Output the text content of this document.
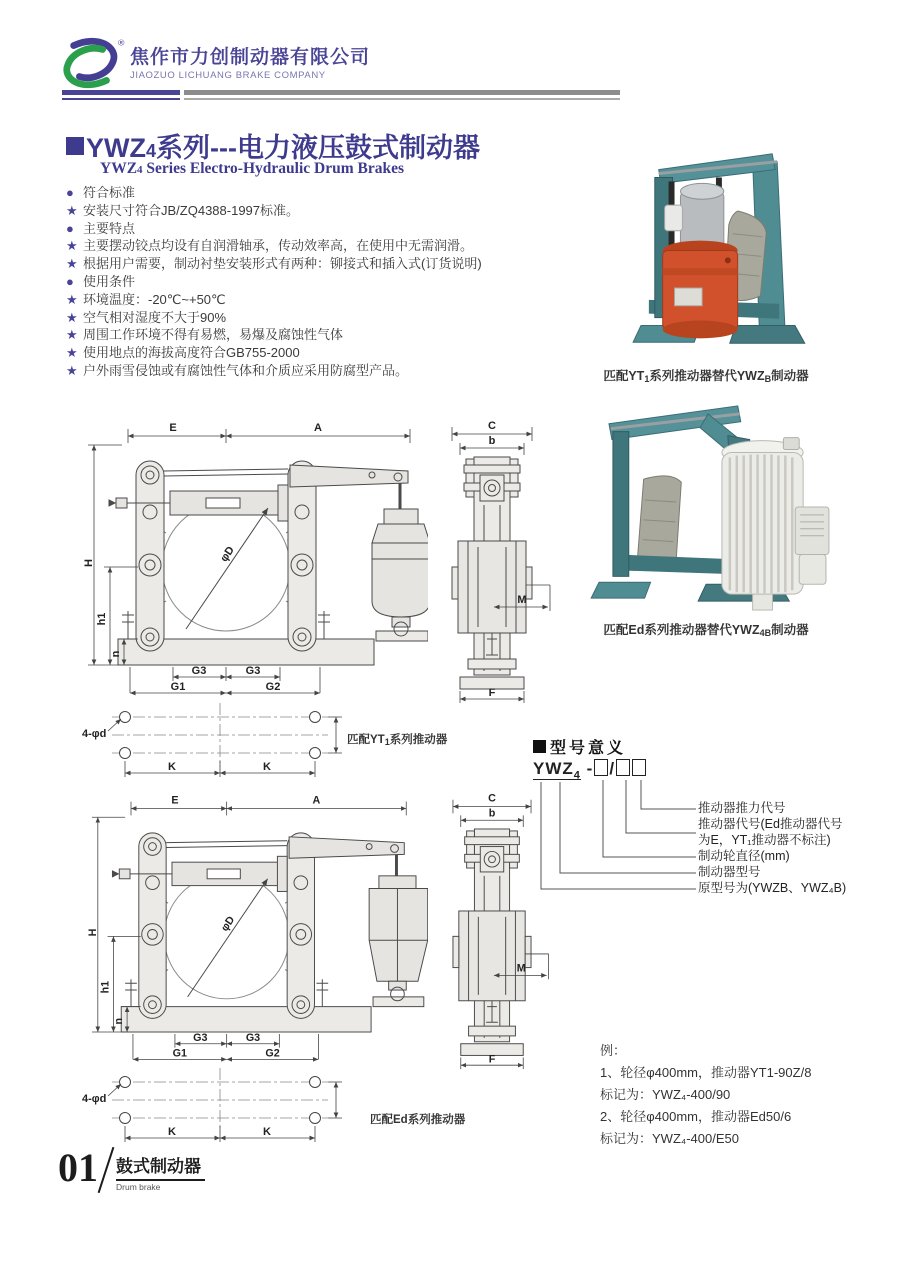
®
焦作市力创制动器有限公司
JIAOZUO LICHUANG BRAKE COMPANY
YWZ 4 系列---电力液压鼓式制动器
YWZ4 Series Electro-Hydraulic Drum Brakes
● 符合标准
★ 安装尺寸符合JB/ZQ4388-1997标准。
● 主要特点
★ 主要摆动铰点均设有自润滑轴承，传动效率高，在使用中无需润滑。
★ 根据用户需要，制动衬垫安装形式有两种：铆接式和插入式(订货说明)
● 使用条件
★ 环境温度：-20℃~+50℃
★ 空气相对湿度不大于90%
★ 周围工作环境不得有易燃，易爆及腐蚀性气体
★ 使用地点的海拔高度符合GB755-2000
★ 户外雨雪侵蚀或有腐蚀性气体和介质应采用防腐型产品。	匹配$YT_1$系列推动器替代$YWZ_B$制动器
匹配Ed系列推动器替代$YWZ_{4B}$制动器
E	A
H
h1
n
G3	G3
G1	G2
φD
C
b
M
F
4-φd
K	K
匹配$YT_1$系列推动器	型号意义
$YWZ_4$ - /
推动器推力代号
推动器代号(Ed推动器代号
为E，YT₁推动器不标注)
制动轮直径(mm)
制动器型号
原型号为(YWZB、YWZ₄B)
E	A
H
h1
n
G3	G3
G1	G2
φD
C
b
M
F
4-φd
K	K
匹配Ed系列推动器
例：
1、轮径φ400mm，推动器YT1-90Z/8
标记为：YWZ₄-400/90
2、轮径φ400mm，推动器Ed50/6
标记为：YWZ₄-400/E50
01 鼓式制动器
Drum brake
